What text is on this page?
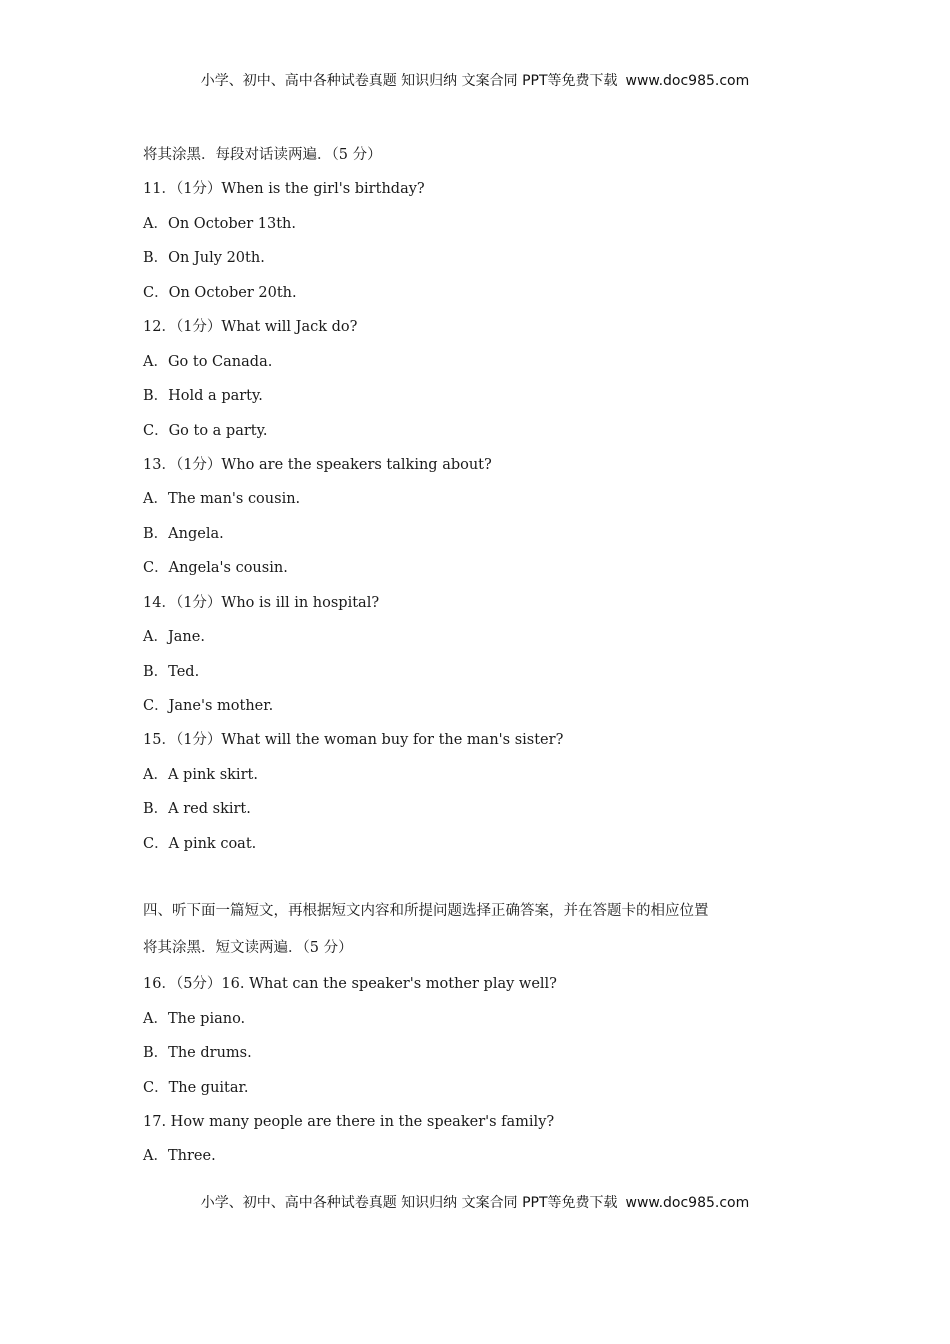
小学、初中、高中各种试卷真题 知识归纳 文案合同 PPT等免费下载 www.doc985.com
将其涂黑．每段对话读两遍．（5 分）
11．（1分）When is the girl's birthday?
A．On October 13th.
B．On July 20th.
C．On October 20th.
12．（1分）What will Jack do?
A．Go to Canada.
B．Hold a party.
C．Go to a party.
13．（1分）Who are the speakers talking about?
A．The man's cousin.
B．Angela.
C．Angela's cousin.
14．（1分）Who is ill in hospital?
A．Jane.
B．Ted.
C．Jane's mother.
15．（1分）What will the woman buy for the man's sister?
A．A pink skirt.
B．A red skirt.
C．A pink coat.
四、听下面一篇短文，再根据短文内容和所提问题选择正确答案，并在答题卡的相应位置
将其涂黑．短文读两遍．（5 分）
16．（5分）16. What can the speaker's mother play well?
A．The piano.
B．The drums.
C．The guitar.
17. How many people are there in the speaker's family?
A．Three.
小学、初中、高中各种试卷真题 知识归纳 文案合同 PPT等免费下载 www.doc985.com
